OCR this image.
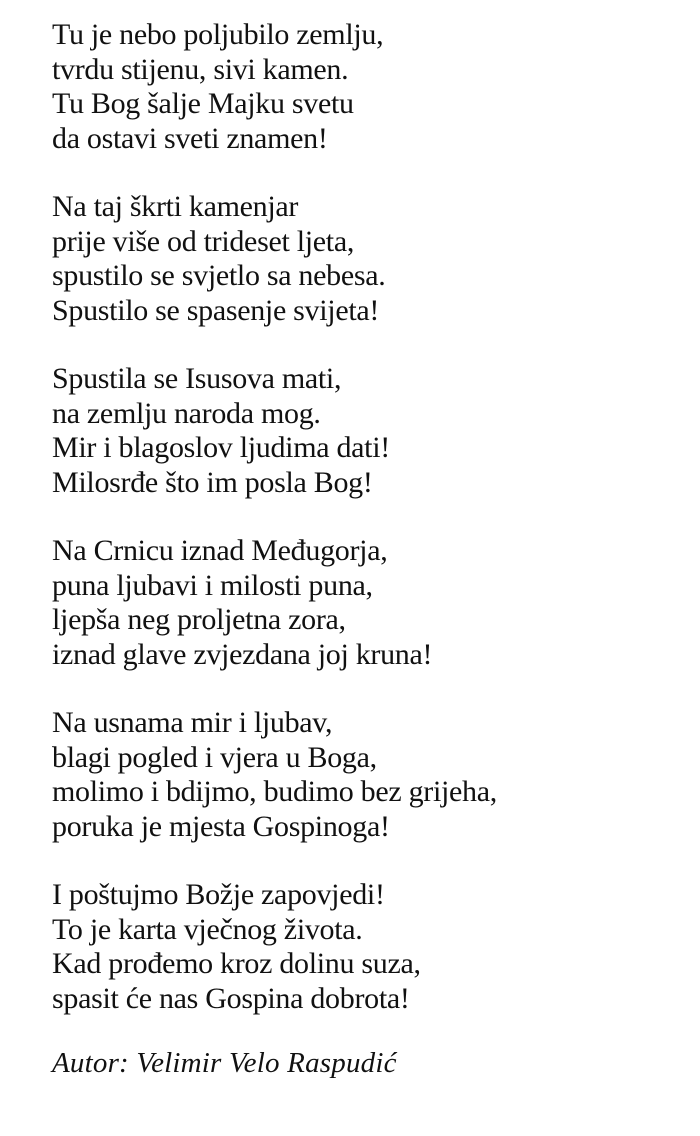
Tu je nebo poljubilo zemlju,
tvrdu stijenu, sivi kamen.
Tu Bog šalje Majku svetu
da ostavi sveti znamen!
Na taj škrti kamenjar
prije više od trideset ljeta,
spustilo se svjetlo sa nebesa.
Spustilo se spasenje svijeta!
Spustila se Isusova mati,
na zemlju naroda mog.
Mir i blagoslov ljudima dati!
Milosrđe što im posla Bog!
Na Crnicu iznad Međugorja,
puna ljubavi i milosti puna,
ljepša neg proljetna zora,
iznad glave zvjezdana joj kruna!
Na usnama mir i ljubav,
blagi pogled i vjera u Boga,
molimo i bdijmo, budimo bez grijeha,
poruka je mjesta Gospinoga!
I poštujmo Božje zapovjedi!
To je karta vječnog života.
Kad prođemo kroz dolinu suza,
spasit će nas Gospina dobrota!
Autor: Velimir Velo Raspudić
